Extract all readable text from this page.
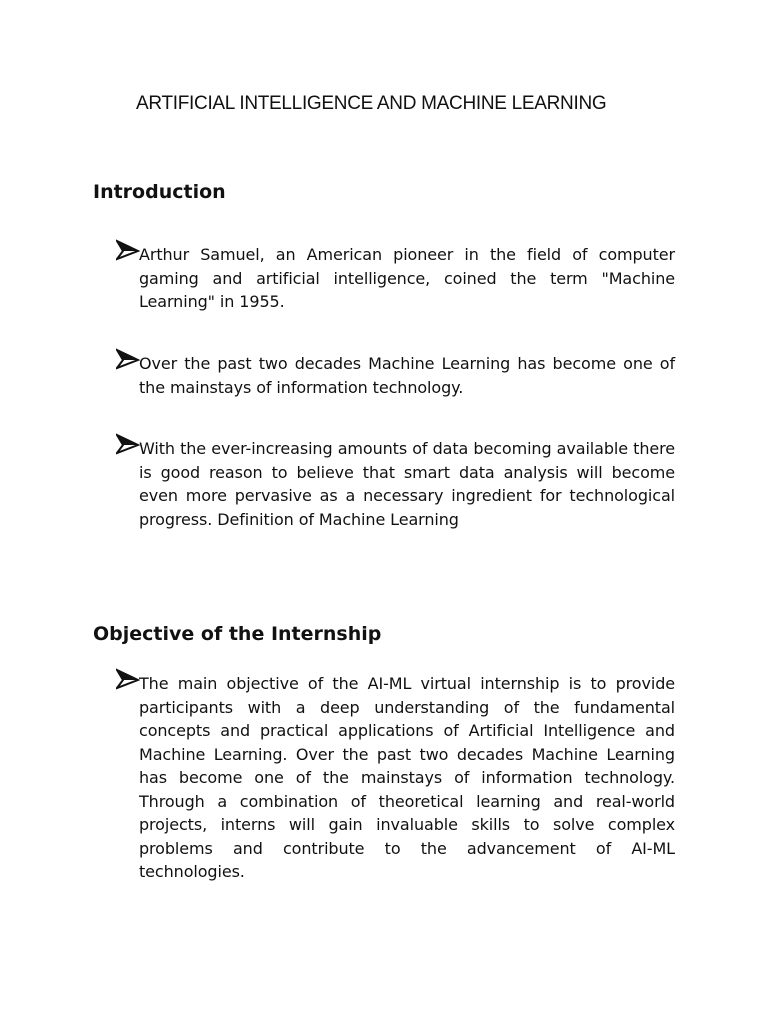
ARTIFICIAL INTELLIGENCE AND MACHINE LEARNING
Introduction
Arthur Samuel, an American pioneer in the field of computer gaming and artificial intelligence, coined the term "Machine Learning" in 1955.
Over the past two decades Machine Learning has become one of the mainstays of information technology.
With the ever-increasing amounts of data becoming available there is good reason to believe that smart data analysis will become even more pervasive as a necessary ingredient for technological progress. Definition of Machine Learning
Objective of the Internship
The main objective of the AI-ML virtual internship is to provide participants with a deep understanding of the fundamental concepts and practical applications of Artificial Intelligence and Machine Learning. Over the past two decades Machine Learning has become one of the mainstays of information technology. Through a combination of theoretical learning and real-world projects, interns will gain invaluable skills to solve complex problems and contribute to the advancement of AI-ML technologies.
